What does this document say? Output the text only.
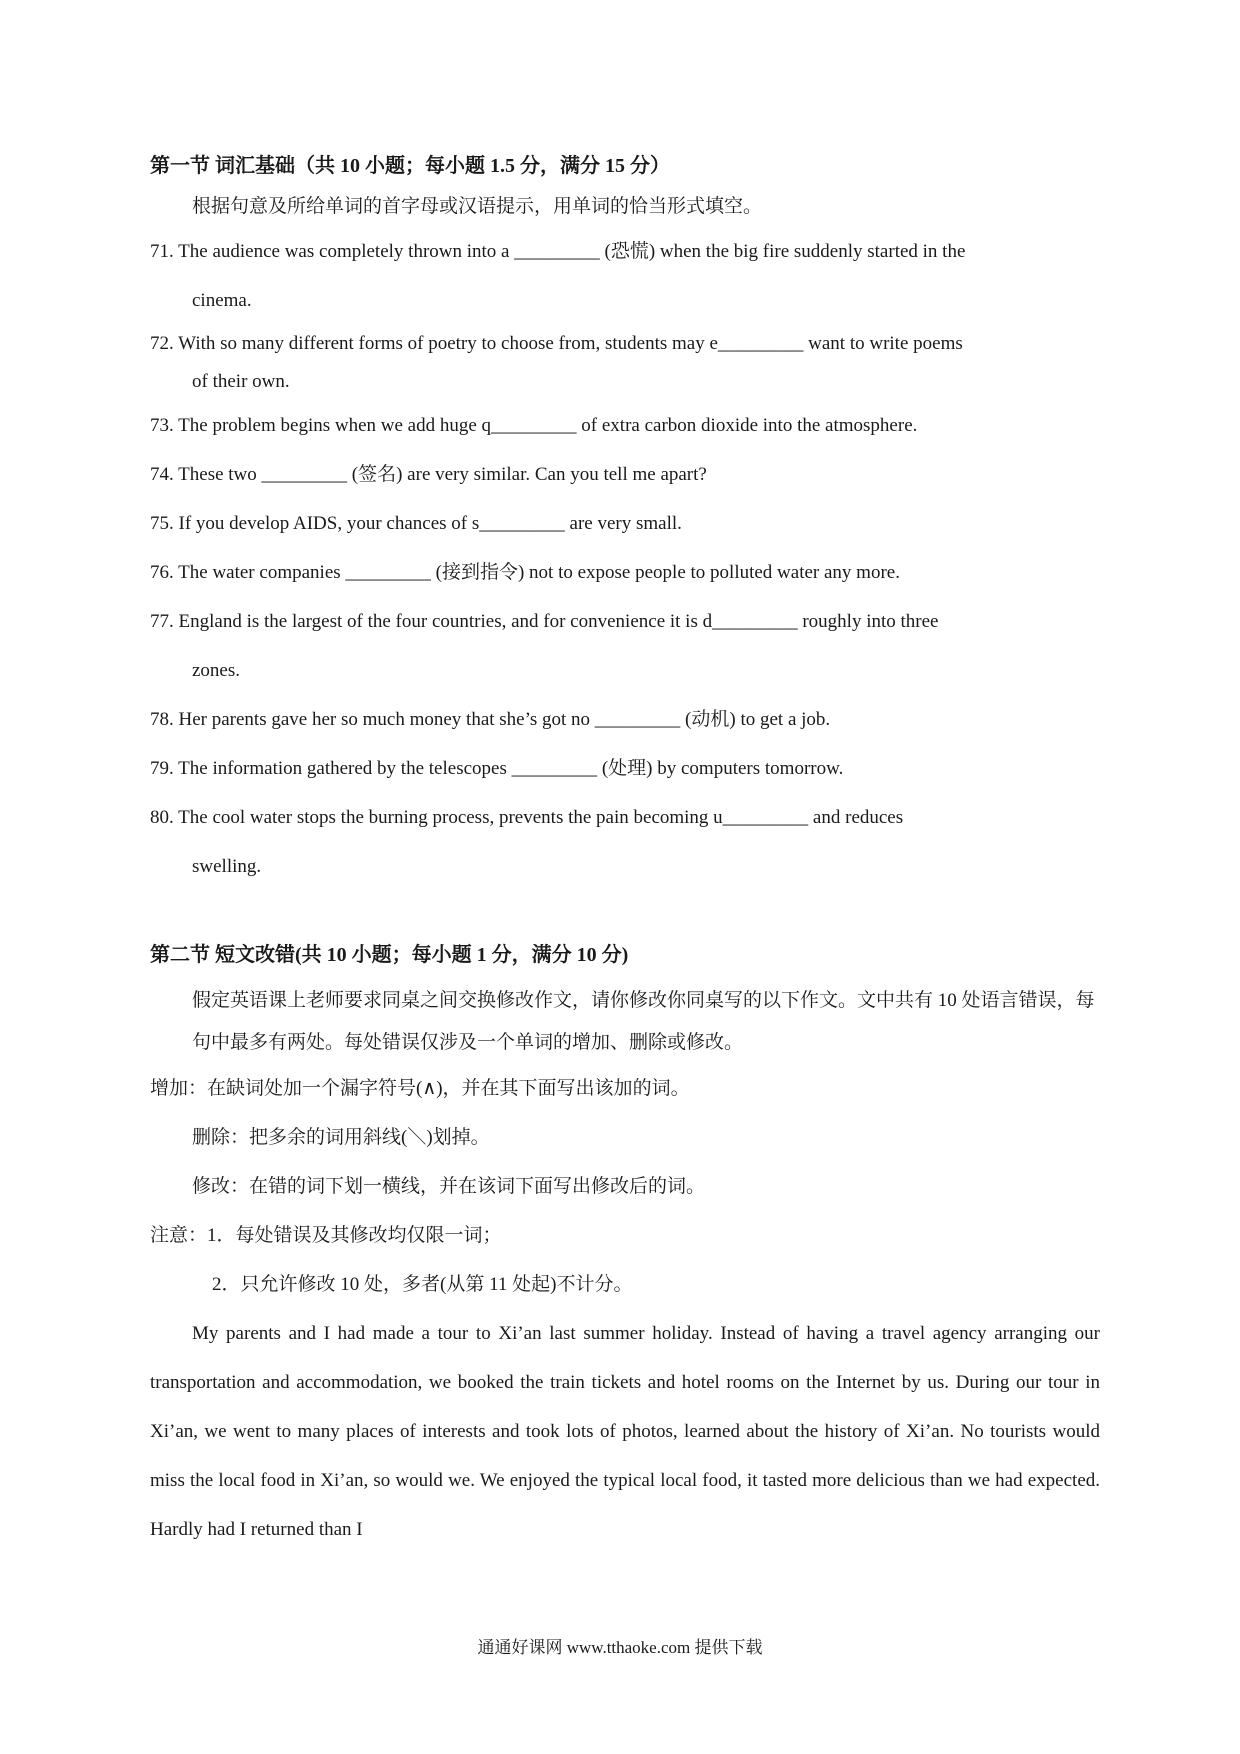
第一节 词汇基础（共 10 小题；每小题 1.5 分，满分 15 分）

根据句意及所给单词的首字母或汉语提示，用单词的恰当形式填空。

71. The audience was completely thrown into a _________ (恐慌) when the big fire suddenly started in the
cinema.

72. With so many different forms of poetry to choose from, students may e_________ want to write poems
of their own.

73. The problem begins when we add huge q_________ of extra carbon dioxide into the atmosphere.

74. These two _________ (签名) are very similar. Can you tell me apart?

75. If you develop AIDS, your chances of s_________ are very small.

76. The water companies _________ (接到指令) not to expose people to polluted water any more.

77. England is the largest of the four countries, and for convenience it is d_________ roughly into three
zones.

78. Her parents gave her so much money that she’s got no _________ (动机) to get a job.

79. The information gathered by the telescopes _________ (处理) by computers tomorrow.

80. The cool water stops the burning process, prevents the pain becoming u_________ and reduces
swelling.

第二节 短文改错(共 10 小题；每小题 1 分，满分 10 分)

假定英语课上老师要求同桌之间交换修改作文，请你修改你同桌写的以下作文。文中共有 10 处语言错误，每句中最多有两处。每处错误仅涉及一个单词的增加、删除或修改。

增加：在缺词处加一个漏字符号(∧)，并在其下面写出该加的词。

删除：把多余的词用斜线(＼)划掉。

修改：在错的词下划一横线，并在该词下面写出修改后的词。

注意：1．每处错误及其修改均仅限一词；

2．只允许修改 10 处，多者(从第 11 处起)不计分。

My parents and I had made a tour to Xi’an last summer holiday. Instead of having a travel agency arranging our transportation and accommodation, we booked the train tickets and hotel rooms on the Internet by us. During our tour in Xi’an, we went to many places of interests and took lots of photos, learned about the history of Xi’an. No tourists would miss the local food in Xi’an, so would we. We enjoyed the typical local food, it tasted more delicious than we had expected. Hardly had I returned than I

通通好课网 www.tthaoke.com 提供下载
